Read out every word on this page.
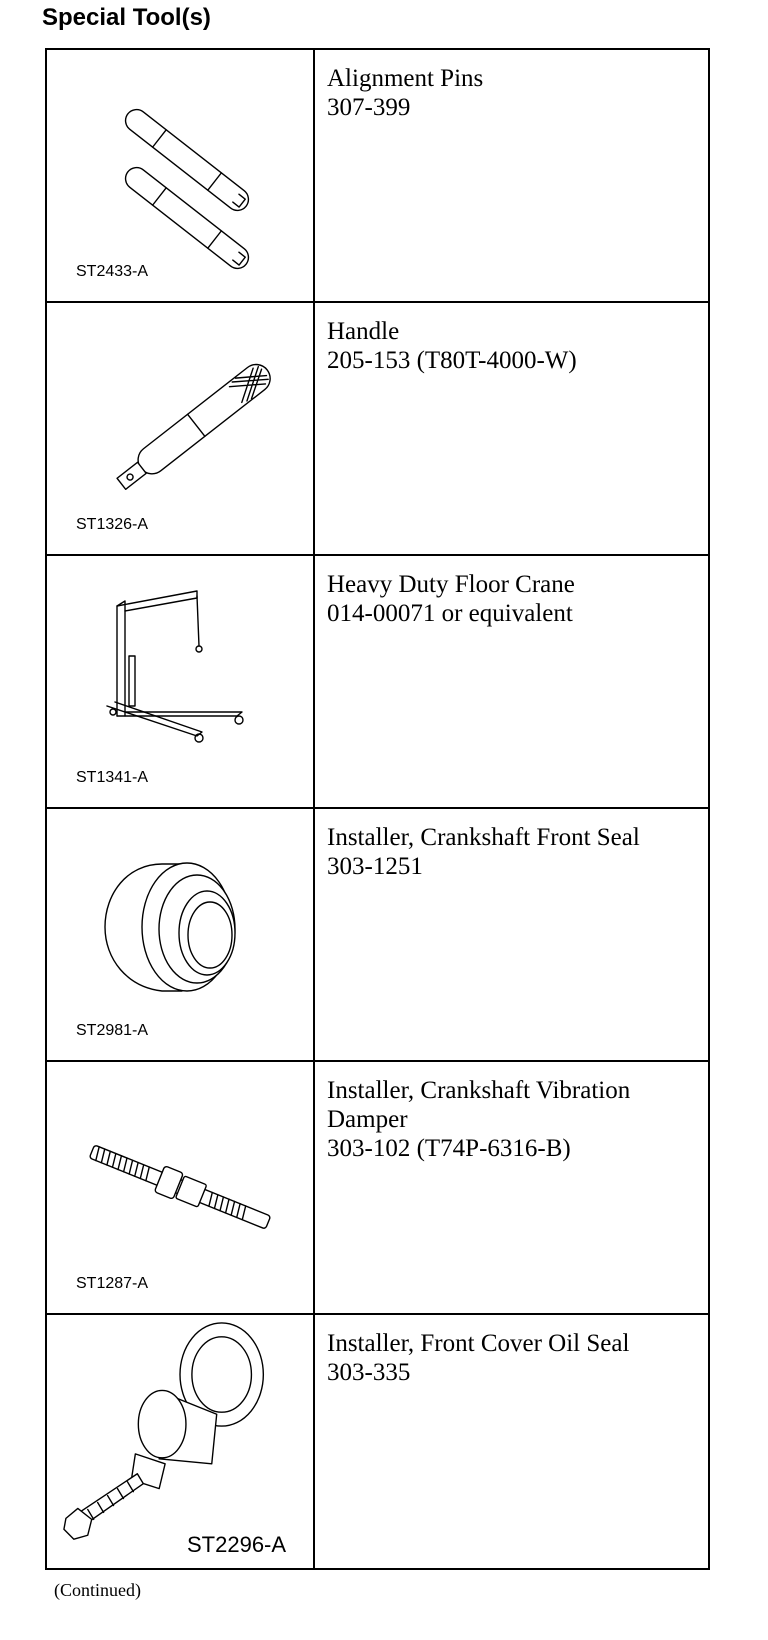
Special Tool(s)
ST2433-A	Alignment Pins
307-399

ST1326-A	Handle
205-153 (T80T-4000-W)

ST1341-A	Heavy Duty Floor Crane
014-00071 or equivalent

ST2981-A	Installer, Crankshaft Front Seal
303-1251

ST1287-A	Installer, Crankshaft Vibration Damper
303-102 (T74P-6316-B)

ST2296-A	Installer, Front Cover Oil Seal
303-335
(Continued)
